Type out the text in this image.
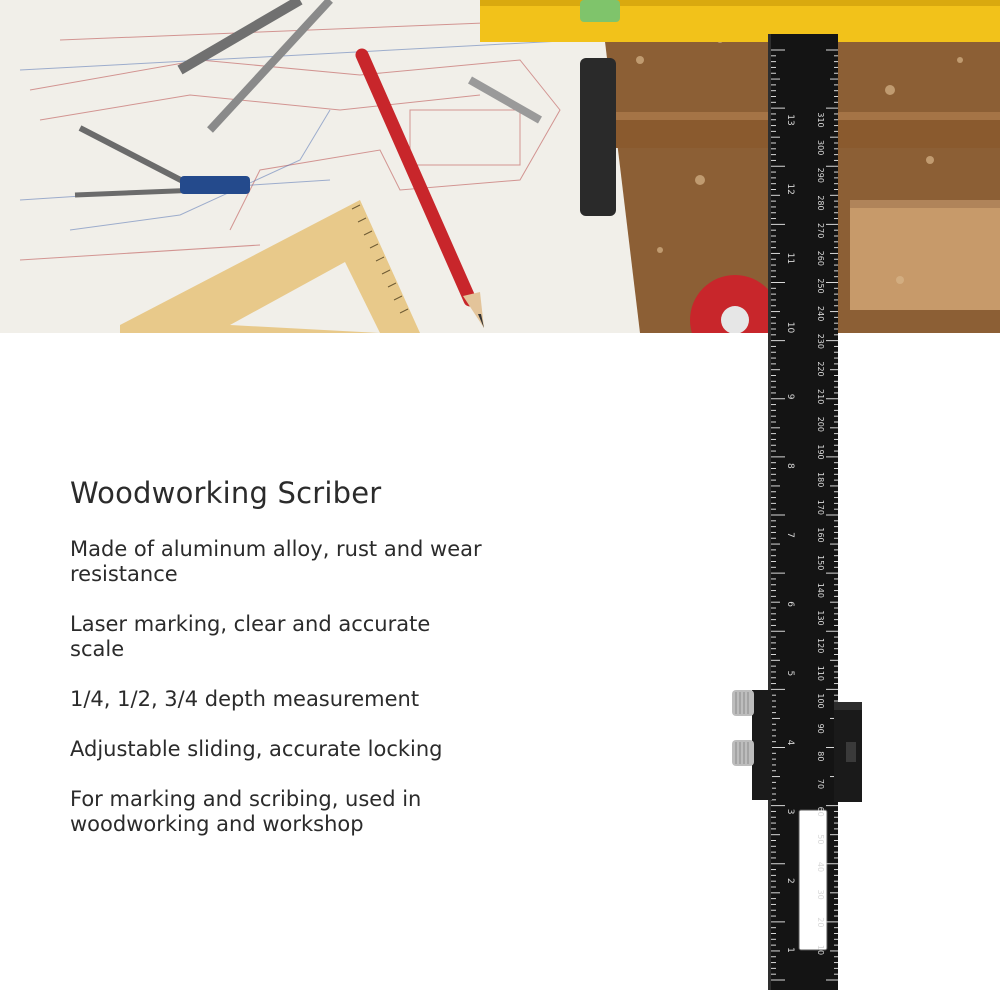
Woodworking Scriber
Made of aluminum alloy, rust and wear resistance
Laser marking, clear and accurate scale
1/4, 1/2, 3/4 depth measurement
Adjustable sliding, accurate locking
For marking and scribing, used in woodworking and workshop
13
12
11
10
9
8
7
6
5
4
3
2
1
310
300
290
280
270
260
250
240
230
220
210
200
190
180
170
160
150
140
130
120
110
100
90
80
70
60
50
40
30
20
10
